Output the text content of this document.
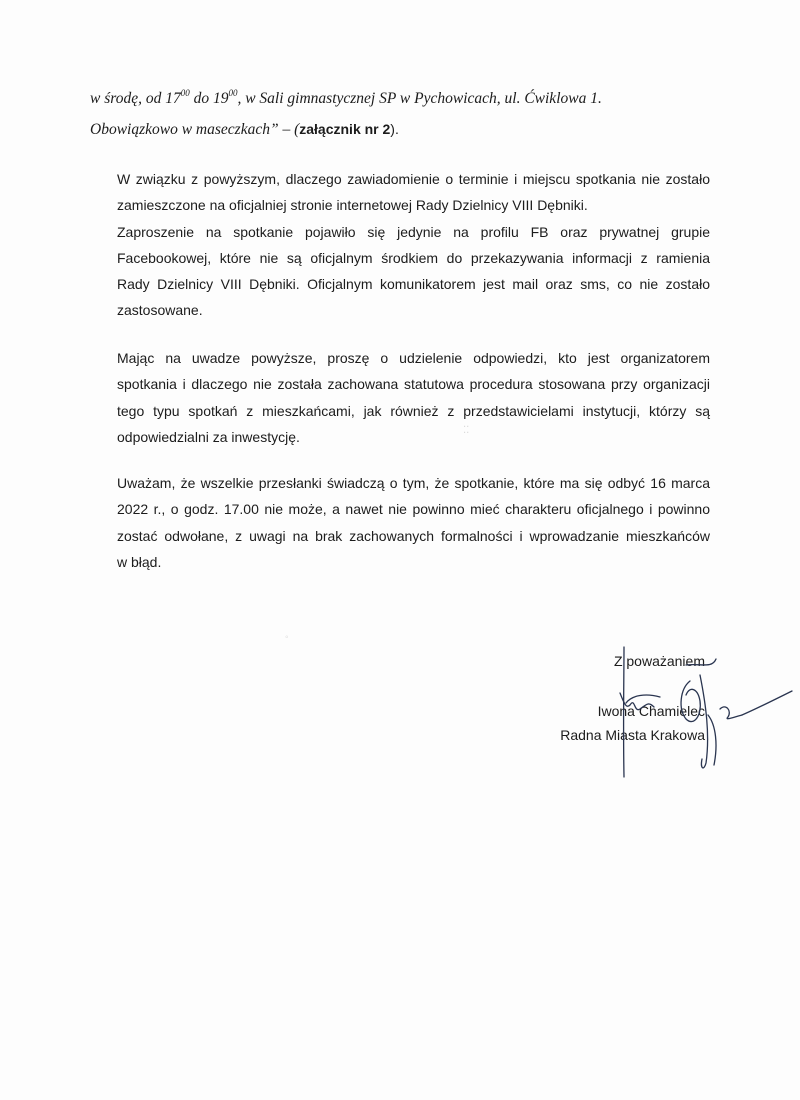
w środę, od $17^{00}$ do $19^{00}$, w Sali gimnastycznej SP w Pychowicach, ul. Ćwiklowa 1.
Obowiązkowo w maseczkach” – (załącznik nr 2).
W związku z powyższym, dlaczego zawiadomienie o terminie i miejscu spotkania nie zostało
zamieszczone na oficjalniej stronie internetowej Rady Dzielnicy VIII Dębniki.
Zaproszenie na spotkanie pojawiło się jedynie na profilu FB oraz prywatnej grupie
Facebookowej, które nie są oficjalnym środkiem do przekazywania informacji z ramienia
Rady Dzielnicy VIII Dębniki. Oficjalnym komunikatorem jest mail oraz sms, co nie zostało
zastosowane.
Mając na uwadze powyższe, proszę o udzielenie odpowiedzi, kto jest organizatorem
spotkania i dlaczego nie została zachowana statutowa procedura stosowana przy organizacji
tego typu spotkań z mieszkańcami, jak również z przedstawicielami instytucji, którzy są
odpowiedzialni za inwestycję.
Uważam, że wszelkie przesłanki świadczą o tym, że spotkanie, które ma się odbyć 16 marca
2022 r., o godz. 17.00 nie może, a nawet nie powinno mieć charakteru oficjalnego i powinno
zostać odwołane, z uwagi na brak zachowanych formalności i wprowadzanie mieszkańców
w błąd.
⁚⁚
◦
Z poważaniem
Iwona Chamielec
Radna Miasta Krakowa
